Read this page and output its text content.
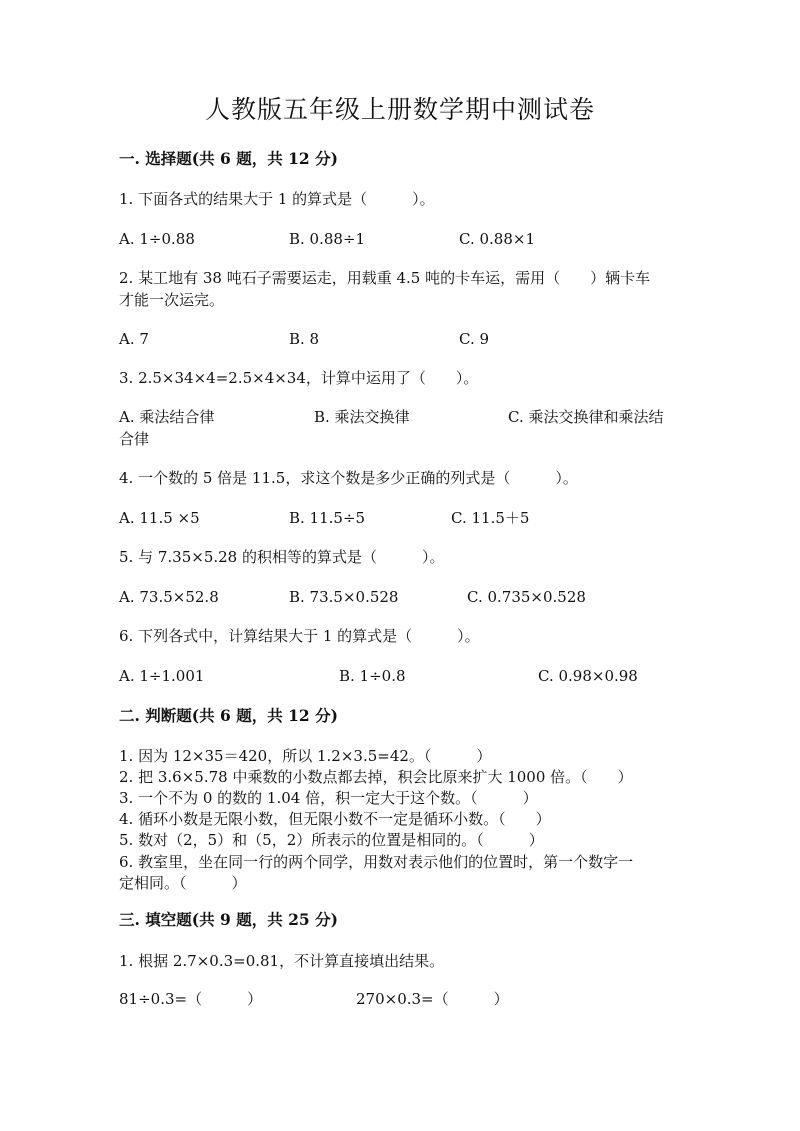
人教版五年级上册数学期中测试卷
一. 选择题(共 6 题，共 12 分)
1. 下面各式的结果大于 1 的算式是（　　　）。
A. 1÷0.88	B. 0.88÷1	C. 0.88×1
2. 某工地有 38 吨石子需要运走，用载重 4.5 吨的卡车运，需用（　　）辆卡车
才能一次运完。
A. 7	B. 8	C. 9
3. 2.5×34×4=2.5×4×34，计算中运用了（　　）。
A. 乘法结合律	B. 乘法交换律	C. 乘法交换律和乘法结
合律
4. 一个数的 5 倍是 11.5，求这个数是多少正确的列式是（　　　）。
A. 11.5 ×5	B. 11.5÷5	C. 11.5＋5
5. 与 7.35×5.28 的积相等的算式是（　　　）。
A. 73.5×52.8	B. 73.5×0.528	C. 0.735×0.528
6. 下列各式中，计算结果大于 1 的算式是（　　　）。
A. 1÷1.001	B. 1÷0.8	C. 0.98×0.98
二. 判断题(共 6 题，共 12 分)
1. 因为 12×35＝420，所以 1.2×3.5=42。（　　　）
2. 把 3.6×5.78 中乘数的小数点都去掉，积会比原来扩大 1000 倍。（　　）
3. 一个不为 0 的数的 1.04 倍，积一定大于这个数。（　　　）
4. 循环小数是无限小数，但无限小数不一定是循环小数。（　　）
5. 数对（2，5）和（5，2）所表示的位置是相同的。（　　　）
6. 教室里，坐在同一行的两个同学，用数对表示他们的位置时，第一个数字一
定相同。（　　　）
三. 填空题(共 9 题，共 25 分)
1. 根据 2.7×0.3=0.81，不计算直接填出结果。
81÷0.3=（　　　）	270×0.3=（　　　）
